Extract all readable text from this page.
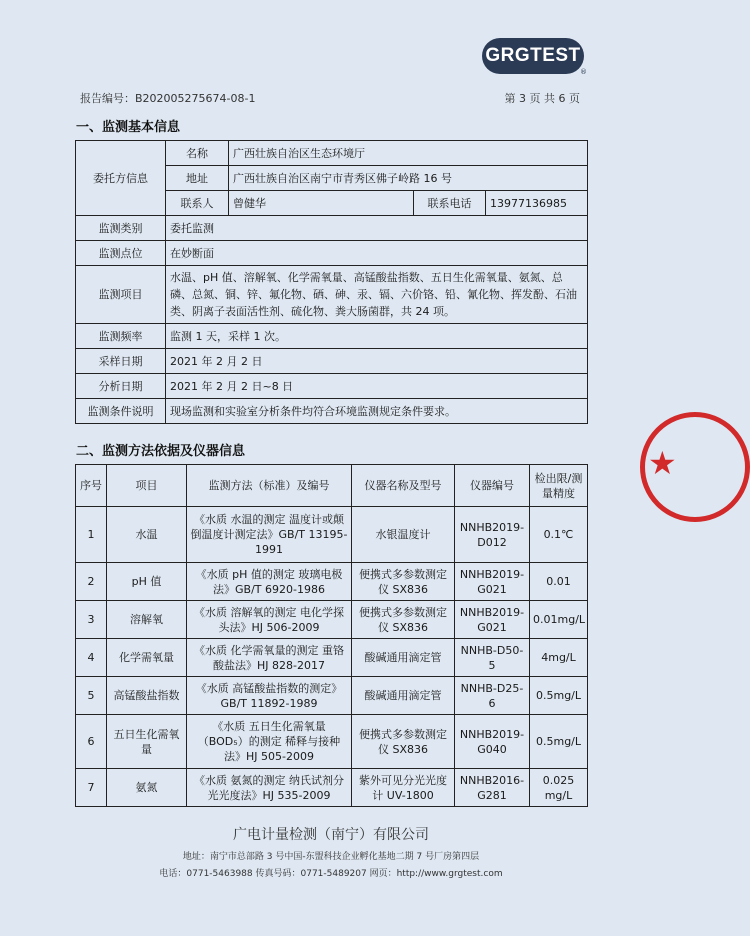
GRGTEST
®
报告编号：B202005275674-08-1	第 3 页 共 6 页
一、监测基本信息
委托方信息	名称	广西壮族自治区生态环境厅		
	地址	广西壮族自治区南宁市青秀区佛子岭路 16 号		
	联系人	曾健华	联系电话	13977136985
监测类别	委托监测			
监测点位	在妙断面			
监测项目	水温、pH 值、溶解氧、化学需氧量、高锰酸盐指数、五日生化需氧量、氨氮、总磷、总氮、铜、锌、氟化物、硒、砷、汞、镉、六价铬、铅、氰化物、挥发酚、石油类、阴离子表面活性剂、硫化物、粪大肠菌群，共 24 项。			
监测频率	监测 1 天，采样 1 次。			
采样日期	2021 年 2 月 2 日			
分析日期	2021 年 2 月 2 日~8 日			
监测条件说明	现场监测和实验室分析条件均符合环境监测规定条件要求。			
二、监测方法依据及仪器信息
序号	项目	监测方法（标准）及编号	仪器名称及型号	仪器编号	检出限/测量精度
1	水温	《水质 水温的测定 温度计或颠倒温度计测定法》GB/T 13195-1991	水银温度计	NNHB2019-D012	0.1℃
2	pH 值	《水质 pH 值的测定 玻璃电极法》GB/T 6920-1986	便携式多参数测定仪 SX836	NNHB2019-G021	0.01
3	溶解氧	《水质 溶解氧的测定 电化学探头法》HJ 506-2009	便携式多参数测定仪 SX836	NNHB2019-G021	0.01mg/L
4	化学需氧量	《水质 化学需氧量的测定 重铬酸盐法》HJ 828-2017	酸碱通用滴定管	NNHB-D50-5	4mg/L
5	高锰酸盐指数	《水质 高锰酸盐指数的测定》GB/T 11892-1989	酸碱通用滴定管	NNHB-D25-6	0.5mg/L
6	五日生化需氧量	《水质 五日生化需氧量（BOD₅）的测定 稀释与接种法》HJ 505-2009	便携式多参数测定仪 SX836	NNHB2019-G040	0.5mg/L
7	氨氮	《水质 氨氮的测定 纳氏试剂分光光度法》HJ 535-2009	紫外可见分光光度计 UV-1800	NNHB2016-G281	0.025 mg/L
★
广电计量检测（南宁）有限公司
地址：南宁市总部路 3 号中国-东盟科技企业孵化基地二期 7 号厂房第四层
电话：0771-5463988 传真号码：0771-5489207 网页：http://www.grgtest.com
